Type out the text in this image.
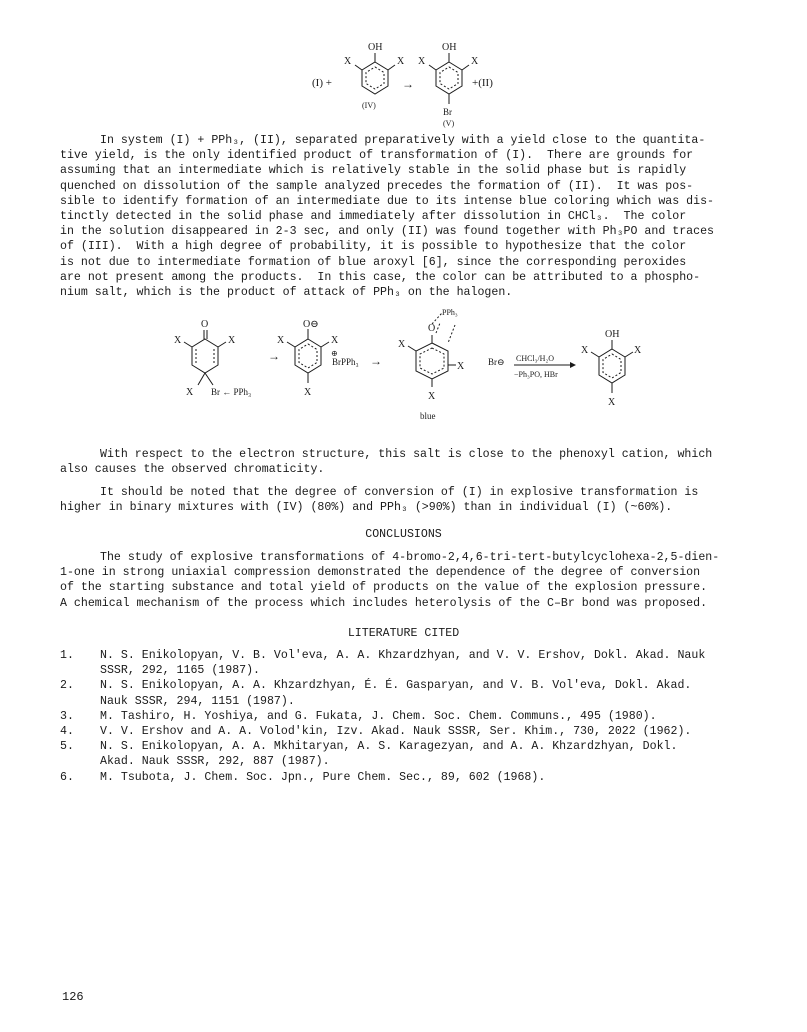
(I) +
OH
X	X
(IV)
→
OH
X	X
Br
(V)
+(II)
In system (I) + PPh₃, (II), separated preparatively with a yield close to the quantita-
tive yield, is the only identified product of transformation of (I).  There are grounds for
assuming that an intermediate which is relatively stable in the solid phase but is rapidly
quenched on dissolution of the sample analyzed precedes the formation of (II).  It was pos-
sible to identify formation of an intermediate due to its intense blue coloring which was dis-
tinctly detected in the solid phase and immediately after dissolution in CHCl₃.  The color
in the solution disappeared in 2-3 sec, and only (II) was found together with Ph₃PO and traces
of (III).  With a high degree of probability, it is possible to hypothesize that the color
is not due to intermediate formation of blue aroxyl [6], since the corresponding peroxides
are not present among the products.  In this case, the color can be attributed to a phospho-
nium salt, which is the product of attack of PPh₃ on the halogen.
O
X	X
X Br ← PPh₃
→
O⊖
X	X
X
⊕
BrPPh₃ →
PPh₃
O
X
X
X
blue
Br⊖ CHCl₃/H₂O
−Ph₃PO, HBr
OH
X	X
X
With respect to the electron structure, this salt is close to the phenoxyl cation, which
also causes the observed chromaticity.
It should be noted that the degree of conversion of (I) in explosive transformation is
higher in binary mixtures with (IV) (80%) and PPh₃ (>90%) than in individual (I) (~60%).
CONCLUSIONS
The study of explosive transformations of 4-bromo-2,4,6-tri-tert-butylcyclohexa-2,5-dien-
1-one in strong uniaxial compression demonstrated the dependence of the degree of conversion
of the starting substance and total yield of products on the value of the explosion pressure.
A chemical mechanism of the process which includes heterolysis of the C–Br bond was proposed.
LITERATURE CITED
1.	N. S. Enikolopyan, V. B. Vol'eva, A. A. Khzardzhyan, and V. V. Ershov, Dokl. Akad. Nauk
SSSR, 292, 1165 (1987).
2.	N. S. Enikolopyan, A. A. Khzardzhyan, É. É. Gasparyan, and V. B. Vol'eva, Dokl. Akad.
Nauk SSSR, 294, 1151 (1987).
3.	M. Tashiro, H. Yoshiya, and G. Fukata, J. Chem. Soc. Chem. Communs., 495 (1980).
4.	V. V. Ershov and A. A. Volod'kin, Izv. Akad. Nauk SSSR, Ser. Khim., 730, 2022 (1962).
5.	N. S. Enikolopyan, A. A. Mkhitaryan, A. S. Karagezyan, and A. A. Khzardzhyan, Dokl.
Akad. Nauk SSSR, 292, 887 (1987).
6.	M. Tsubota, J. Chem. Soc. Jpn., Pure Chem. Sec., 89, 602 (1968).
126
